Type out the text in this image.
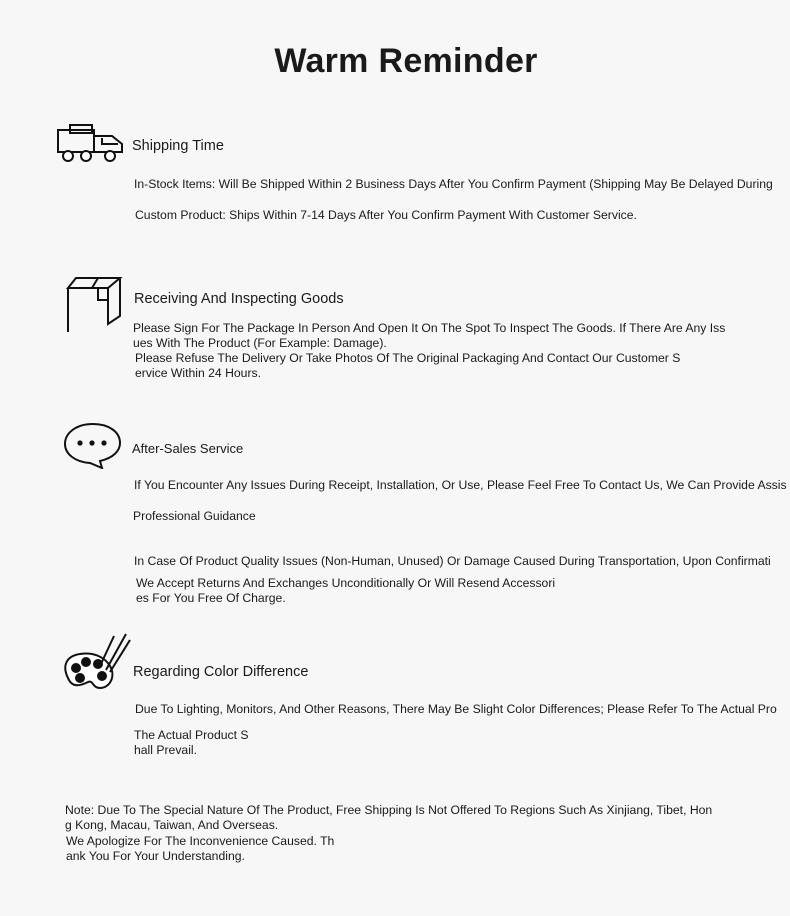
Warm Reminder
Shipping Time
In-Stock Items: Will Be Shipped Within 2 Business Days After You Confirm Payment (Shipping May Be Delayed During
Custom Product: Ships Within 7-14 Days After You Confirm Payment With Customer Service.
Receiving And Inspecting Goods
Please Sign For The Package In Person And Open It On The Spot To Inspect The Goods. If There Are Any Iss
ues With The Product (For Example: Damage).
Please Refuse The Delivery Or Take Photos Of The Original Packaging And Contact Our Customer S
ervice Within 24 Hours.
After-Sales Service
If You Encounter Any Issues During Receipt, Installation, Or Use, Please Feel Free To Contact Us, We Can Provide Assis
Professional Guidance
In Case Of Product Quality Issues (Non-Human, Unused) Or Damage Caused During Transportation, Upon Confirmati
We Accept Returns And Exchanges Unconditionally Or Will Resend Accessori
es For You Free Of Charge.
Regarding Color Difference
Due To Lighting, Monitors, And Other Reasons, There May Be Slight Color Differences; Please Refer To The Actual Pro
The Actual Product S
hall Prevail.
Note: Due To The Special Nature Of The Product, Free Shipping Is Not Offered To Regions Such As Xinjiang, Tibet, Hon
g Kong, Macau, Taiwan, And Overseas.
We Apologize For The Inconvenience Caused. Th
ank You For Your Understanding.
